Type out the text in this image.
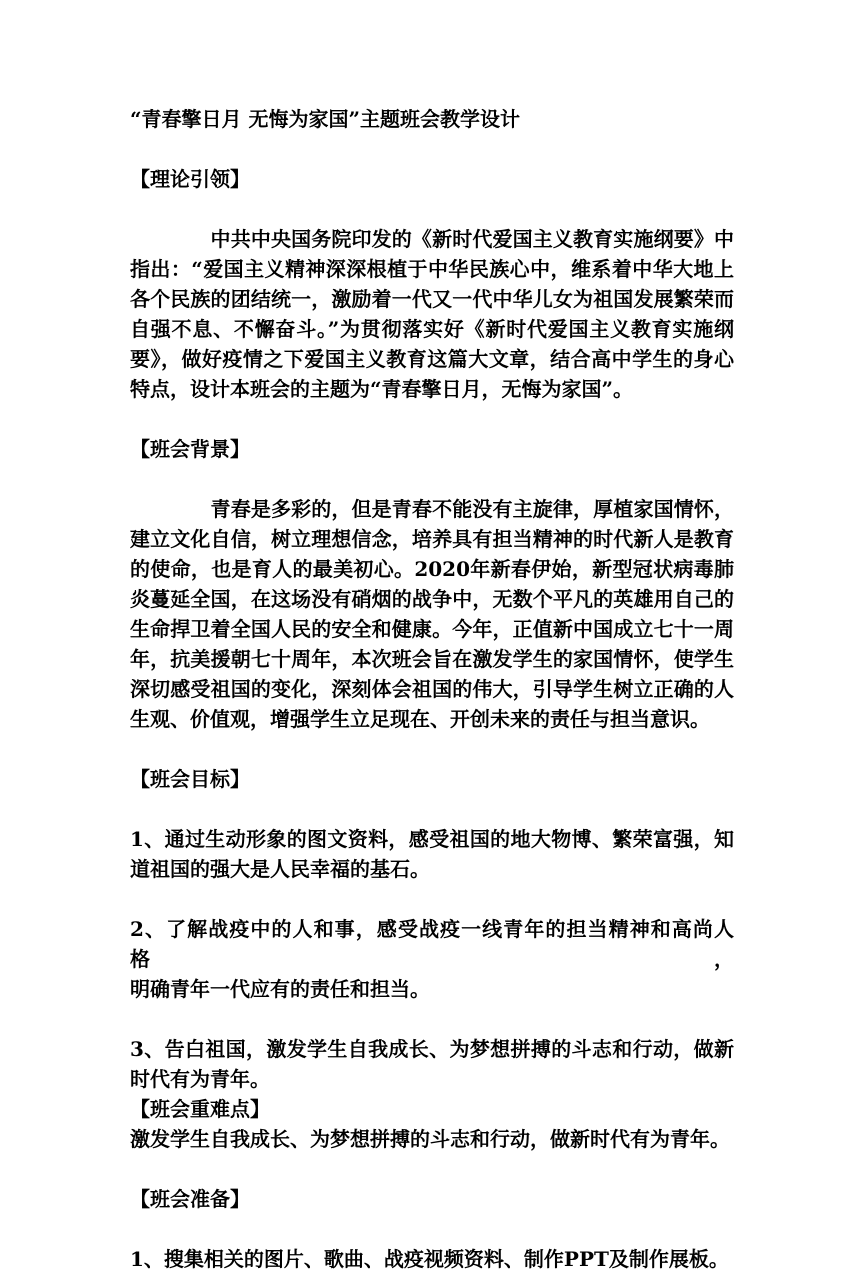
“青春擎日月 无悔为家国”主题班会教学设计

【理论引领】

　　　　中共中央国务院印发的《新时代爱国主义教育实施纲要》中

指出：“爱国主义精神深深根植于中华民族心中，维系着中华大地上

各个民族的团结统一，激励着一代又一代中华儿女为祖国发展繁荣而

自强不息、不懈奋斗。”为贯彻落实好《新时代爱国主义教育实施纲

要》，做好疫情之下爱国主义教育这篇大文章，结合高中学生的身心

特点，设计本班会的主题为“青春擎日月，无悔为家国”。

【班会背景】

　　　　青春是多彩的，但是青春不能没有主旋律，厚植家国情怀，

建立文化自信，树立理想信念，培养具有担当精神的时代新人是教育

的使命，也是育人的最美初心。2020年新春伊始，新型冠状病毒肺

炎蔓延全国，在这场没有硝烟的战争中，无数个平凡的英雄用自己的

生命捍卫着全国人民的安全和健康。今年，正值新中国成立七十一周

年，抗美援朝七十周年，本次班会旨在激发学生的家国情怀，使学生

深切感受祖国的变化，深刻体会祖国的伟大，引导学生树立正确的人

生观、价值观，增强学生立足现在、开创未来的责任与担当意识。

【班会目标】

1、通过生动形象的图文资料，感受祖国的地大物博、繁荣富强，知

道祖国的强大是人民幸福的基石。

2、了解战疫中的人和事，感受战疫一线青年的担当精神和高尚人格，

明确青年一代应有的责任和担当。

3、告白祖国，激发学生自我成长、为梦想拼搏的斗志和行动，做新

时代有为青年。

【班会重难点】

激发学生自我成长、为梦想拼搏的斗志和行动，做新时代有为青年。

【班会准备】

1、搜集相关的图片、歌曲、战疫视频资料、制作PPT及制作展板。
